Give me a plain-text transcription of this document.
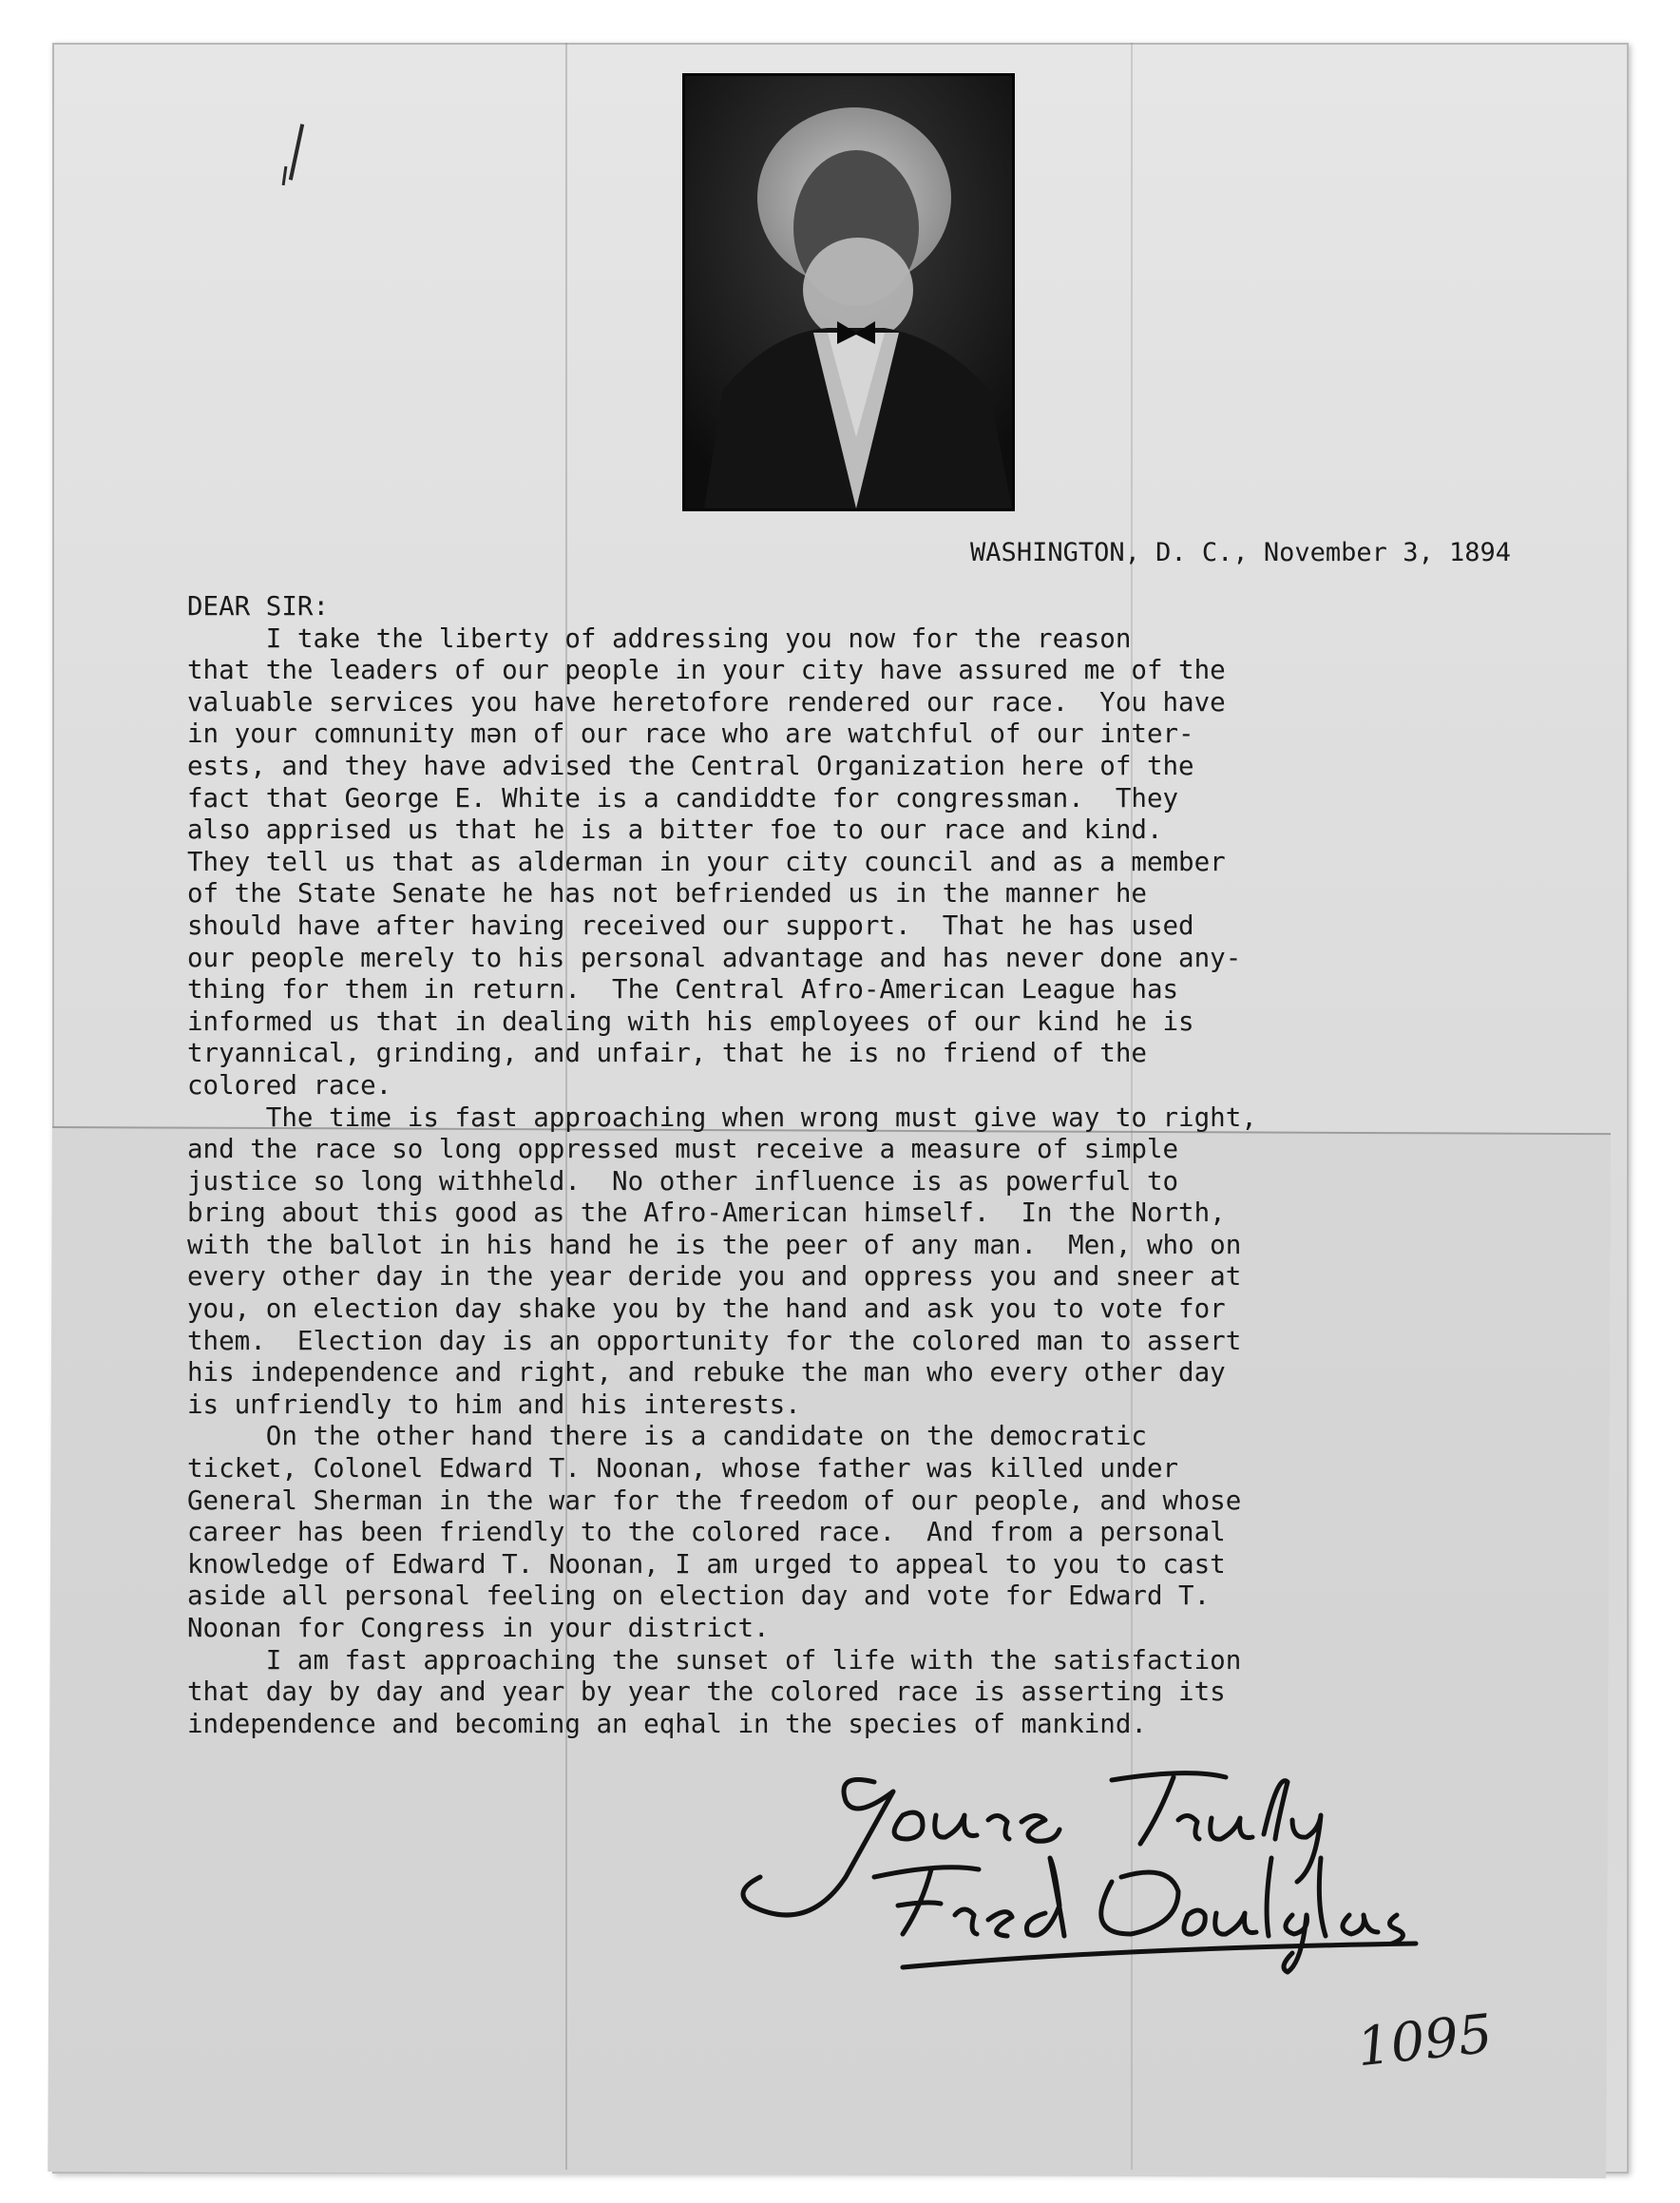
WASHINGTON, D. C., November 3, 1894
DEAR SIR:
I take the liberty of addressing you now for the reason
that the leaders of our people in your city have assured me of the
valuable services you have heretofore rendered our race.  You have
in your comnunity mən of our race who are watchful of our inter-
ests, and they have advised the Central Organization here of the
fact that George E. White is a candiddte for congressman.  They
also apprised us that he is a bitter foe to our race and kind.
They tell us that as alderman in your city council and as a member
of the State Senate he has not befriended us in the manner he
should have after having received our support.  That he has used
our people merely to his personal advantage and has never done any-
thing for them in return.  The Central Afro-American League has
informed us that in dealing with his employees of our kind he is
tryannical, grinding, and unfair, that he is no friend of the
colored race.
The time is fast approaching when wrong must give way to right,
and the race so long oppressed must receive a measure of simple
justice so long withheld.  No other influence is as powerful to
bring about this good as the Afro-American himself.  In the North,
with the ballot in his hand he is the peer of any man.  Men, who on
every other day in the year deride you and oppress you and sneer at
you, on election day shake you by the hand and ask you to vote for
them.  Election day is an opportunity for the colored man to assert
his independence and right, and rebuke the man who every other day
is unfriendly to him and his interests.
On the other hand there is a candidate on the democratic
ticket, Colonel Edward T. Noonan, whose father was killed under
General Sherman in the war for the freedom of our people, and whose
career has been friendly to the colored race.  And from a personal
knowledge of Edward T. Noonan, I am urged to appeal to you to cast
aside all personal feeling on election day and vote for Edward T.
Noonan for Congress in your district.
I am fast approaching the sunset of life with the satisfaction
that day by day and year by year the colored race is asserting its
independence and becoming an eqhal in the species of mankind.
1095
